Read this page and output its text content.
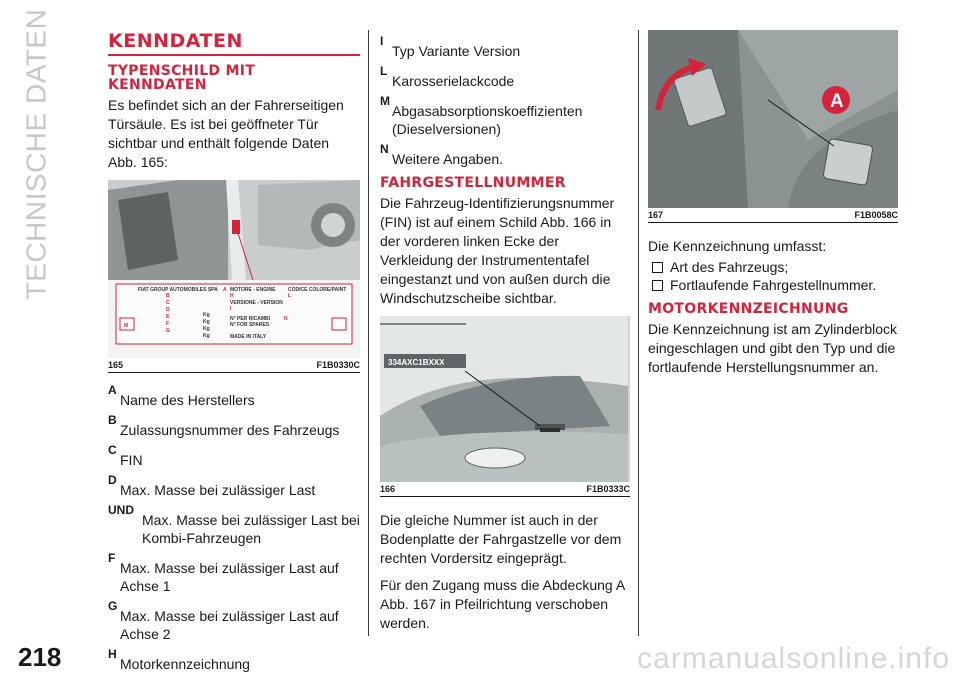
TECHNISCHE DATEN
218	carmanualsonline.info
KENNDATEN
TYPENSCHILD MIT KENNDATEN

Es befindet sich an der Fahrerseitigen Türsäule. Es ist bei geöffneter Tür sichtbar und enthält folgende Daten Abb. 165:

FIAT GROUP AUTOMOBILES SPA MOTORE - ENGINE
VERSIONE - VERSION
CODICE COLORE/PAINT
N° PER RICAMBI
N° FOR SPARES
MADE IN ITALY
Kg
Kg
Kg
Kg
A
B
C
D
E
F
G
H
I
L
M
N
165	F1B0330C
A
Name des Herstellers
B
Zulassungsnummer des Fahrzeugs
C
FIN
D
Max. Masse bei zulässiger Last
UND
Max. Masse bei zulässiger Last bei Kombi-Fahrzeugen
F
Max. Masse bei zulässiger Last auf Achse 1
G
Max. Masse bei zulässiger Last auf Achse 2
H
Motorkennzeichnung
I
Typ Variante Version
L
Karosserielackcode
M
Abgasabsorptionskoeffizienten (Dieselversionen)
N
Weitere Angaben.
FAHRGESTELLNUMMER

Die Fahrzeug-Identifizierungsnummer (FIN) ist auf einem Schild Abb. 166 in der vorderen linken Ecke der Verkleidung der Instrumententafel eingestanzt und von außen durch die Windschutzscheibe sichtbar.

334AXC1BXXX
166	F1B0333C

Die gleiche Nummer ist auch in der Bodenplatte der Fahrgastzelle vor dem rechten Vordersitz eingeprägt.

Für den Zugang muss die Abdeckung A Abb. 167 in Pfeilrichtung verschoben werden.

A
167	F1B0058C

Die Kennzeichnung umfasst:

Art des Fahrzeugs;
Fortlaufende Fahrgestellnummer.
MOTORKENNZEICHNUNG

Die Kennzeichnung ist am Zylinderblock eingeschlagen und gibt den Typ und die fortlaufende Herstellungsnummer an.
